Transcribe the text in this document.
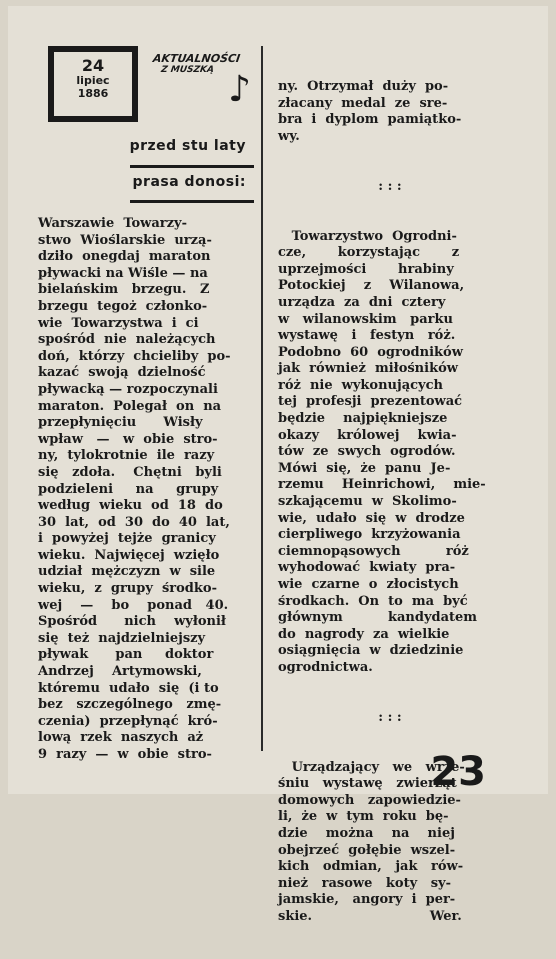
24
lipiec
1886
AKTUALNOŚCI
Z MUSZKĄ ♪
przed stu laty
prasa donosi:
Warszawie  Towarzy-
stwo  Wioślarskie  urzą-
dziło  onegdaj  maraton
pływacki na Wiśle — na
bielańskim   brzegu.   Z
brzegu  tegoż  członko-
wie  Towarzystwa  i  ci
spośród  nie  należących
doń,  którzy  chcieliby  po-
kazać  swoją  dzielność
pływacką — rozpoczynali
maraton.  Polegał  on  na
przepłynięciu      Wisły
wpław   —   w  obie  stro-
ny,  tylokrotnie  ile  razy
się   zdoła.    Chętni   byli
podzieleni     na     grupy
według  wieku  od  18  do
30  lat,  od  30  do  40  lat,
i  powyżej  tejże  granicy
wieku.  Najwięcej  wzięło
udział  mężczyzn  w  sile
wieku,  z  grupy  środko-
wej    —    bo    ponad   40.
Spośród      nich    wyłonił
się  też  najdzielniejszy
pływak      pan     doktor
Andrzej    Artymowski,
któremu  udało  się  (i to
bez   szczególnego   zmę-
czenia)  przepłynąć  kró-
lową  rzek  naszych  aż
9  razy  —  w  obie  stro-

ny.  Otrzymał  duży  po-
złacany  medal  ze  sre-
bra  i  dyplom  pamiątko-
wy.

: : :

Towarzystwo  Ogrodni-
cze,       korzystając       z
uprzejmości       hrabiny
Potockiej    z    Wilanowa,
urządza  za  dni  cztery
w   wilanowskim   parku
wystawę   i   festyn   róż.
Podobno  60  ogrodników
jak  również  miłośników
róż  nie  wykonujących
tej  profesji  prezentować
będzie    najpiękniejsze
okazy    królowej    kwia-
tów  ze  swych  ogrodów.
Mówi  się,  że  panu  Je-
rzemu    Heinrichowi,    mie-
szkającemu  w  Skolimo-
wie,  udało  się  w  drodze
cierpliwego  krzyżowania
ciemnopąsowych          róż
wyhodować  kwiaty  pra-
wie  czarne  o  złocistych
środkach.  On  to  ma  być
głównym          kandydatem
do  nagrody  za  wielkie
osiągnięcia  w  dziedzinie
ogrodnictwa.

: : :

Urządzający   we   wrze-
śniu   wystawę   zwierząt
domowych   zapowiedzie-
li,  że  w  tym  roku  bę-
dzie    można    na    niej
obejrzeć  gołębie  wszel-
kich   odmian,   jak   rów-
nież   rasowe   koty   sy-
jamskie,   angory  i  per-
skie.                          Wer.

23
